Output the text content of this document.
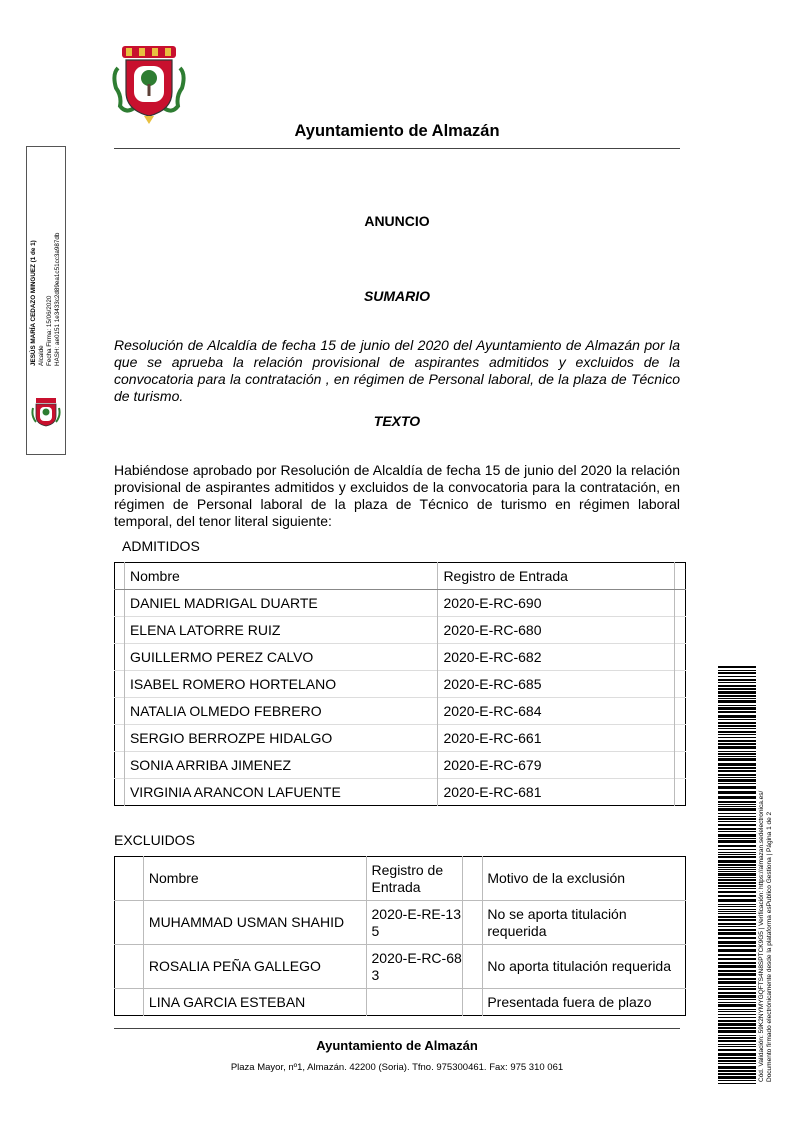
Ayuntamiento de Almazán
JESÚS MARÍA CEDAZO MINGUEZ (1 de 1) Alcalde Fecha Firma: 15/06/2020 HASH: ae0151 1e3433c2d89ea1c51cc3a987db
ANUNCIO
SUMARIO
Resolución de Alcaldía de fecha 15 de junio del 2020 del Ayuntamiento de Almazán por la que se aprueba la relación provisional de aspirantes admitidos y excluidos de la convocatoria para la contratación , en régimen de Personal laboral, de la plaza de Técnico de turismo.
TEXTO
Habiéndose aprobado por Resolución de Alcaldía de fecha 15 de junio del 2020 la relación provisional de aspirantes admitidos y excluidos de la convocatoria para la contratación, en régimen de Personal laboral de la plaza de Técnico de turismo en régimen laboral temporal, del tenor literal siguiente:
ADMITIDOS
	Nombre	Registro de Entrada	
	DANIEL MADRIGAL DUARTE	2020-E-RC-690	
	ELENA LATORRE RUIZ	2020-E-RC-680	
	GUILLERMO PEREZ CALVO	2020-E-RC-682	
	ISABEL ROMERO HORTELANO	2020-E-RC-685	
	NATALIA OLMEDO FEBRERO	2020-E-RC-684	
	SERGIO BERROZPE HIDALGO	2020-E-RC-661	
	SONIA ARRIBA JIMENEZ	2020-E-RC-679	
	VIRGINIA ARANCON LAFUENTE	2020-E-RC-681	
EXCLUIDOS
	Nombre	Registro de Entrada		Motivo de la exclusión
	MUHAMMAD USMAN SHAHID	2020-E-RE-135		No se aporta titulación requerida
	ROSALIA PEÑA GALLEGO	2020-E-RC-683		No aporta titulación requerida
	LINA GARCIA ESTEBAN			Presentada fuera de plazo
Ayuntamiento de Almazán
Plaza Mayor, nº1, Almazán. 42200 (Soria). Tfno. 975300461. Fax: 975 310 061	Cód. Validación: 59K2NYMYGQFTS4N8SPTCK9G5 | Verificación: https://almazan.sedelectronica.es/ Documento firmado electrónicamente desde la plataforma esPublico Gestiona | Página 1 de 2
